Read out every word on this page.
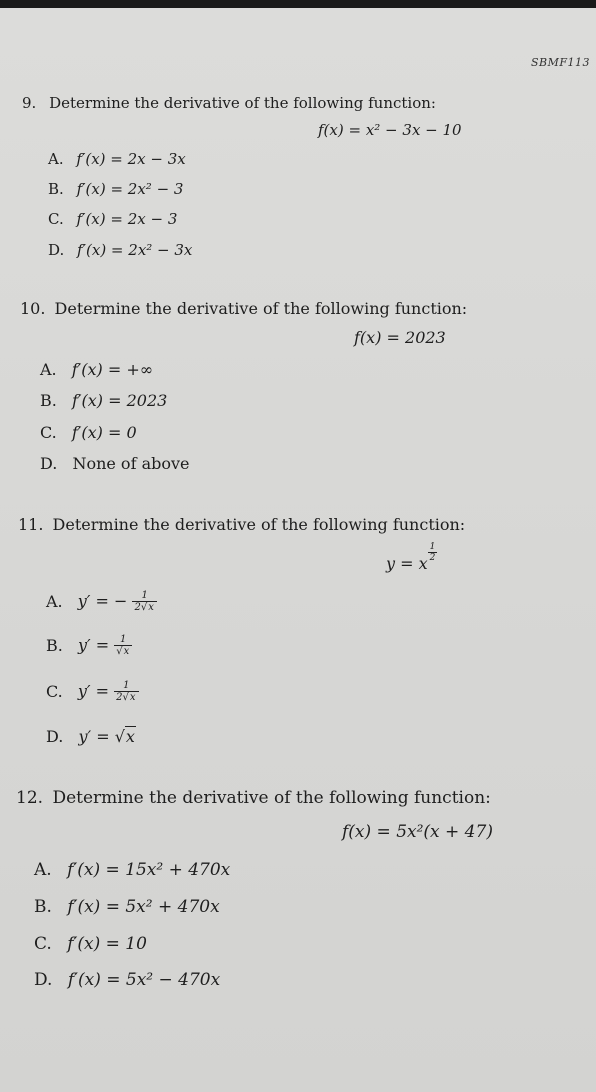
SBMF113
9. Determine the derivative of the following function:
f(x) = x² − 3x − 10
A. f′(x) = 2x − 3x
B. f′(x) = 2x² − 3
C. f′(x) = 2x − 3
D. f′(x) = 2x² − 3x
10. Determine the derivative of the following function:
f(x) = 2023
A. f′(x) = +∞
B. f′(x) = 2023
C. f′(x) = 0
D. None of above
11. Determine the derivative of the following function:
y = x
$\frac{1}{2}$
A. y′ = − $\frac{1}{2√x}$
B. $y' = \frac{1}{√x}$
C. $y' = \frac{1}{2√x}$
D. y′ = √x
12. Determine the derivative of the following function:
f(x) = 5x²(x + 47)
A. f′(x) = 15x² + 470x
B. f′(x) = 5x² + 470x
C. f′(x) = 10
D. f′(x) = 5x² − 470x
